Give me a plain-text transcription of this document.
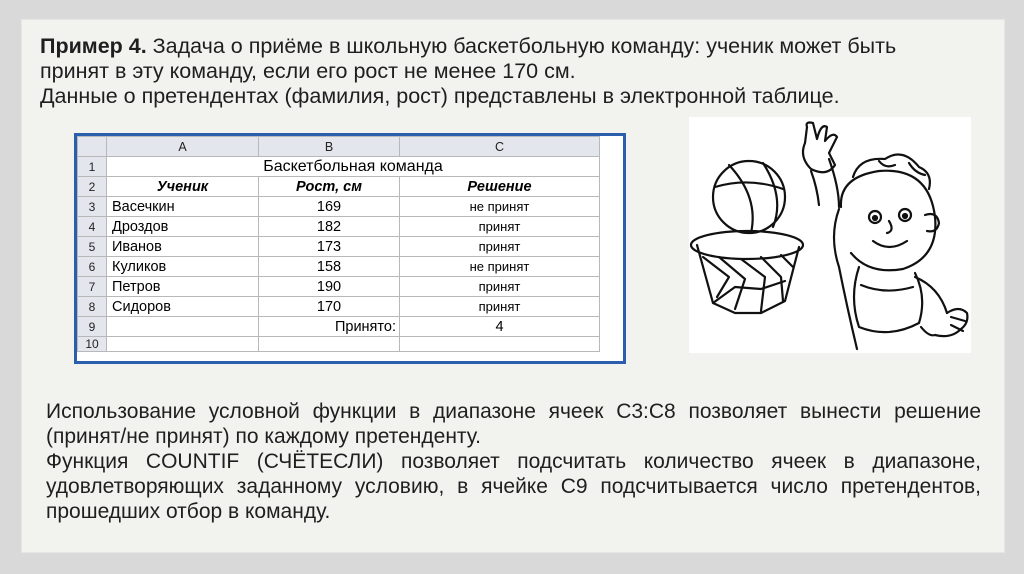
Пример 4. Задача о приёме в школьную баскетбольную команду: ученик может быть
принят в эту команду, если его рост не менее 170 см.
Данные о претендентах (фамилия, рост) представлены в электронной таблице.
	A	B	C
1	Баскетбольная команда		
2	Ученик	Рост, см	Решение
3	Васечкин	169	не принят
4	Дроздов	182	принят
5	Иванов	173	принят
6	Куликов	158	не принят
7	Петров	190	принят
8	Сидоров	170	принят
9		Принято:	4
10			

Использование условной функции в диапазоне ячеек C3:C8 позволяет вынести решение (принят/не принят) по каждому претенденту.

Функция COUNTIF (СЧЁТЕСЛИ) позволяет подсчитать количество ячеек в диапазоне, удовлетворяющих заданному условию, в ячейке C9 подсчитывается число претендентов, прошедших отбор в команду.
